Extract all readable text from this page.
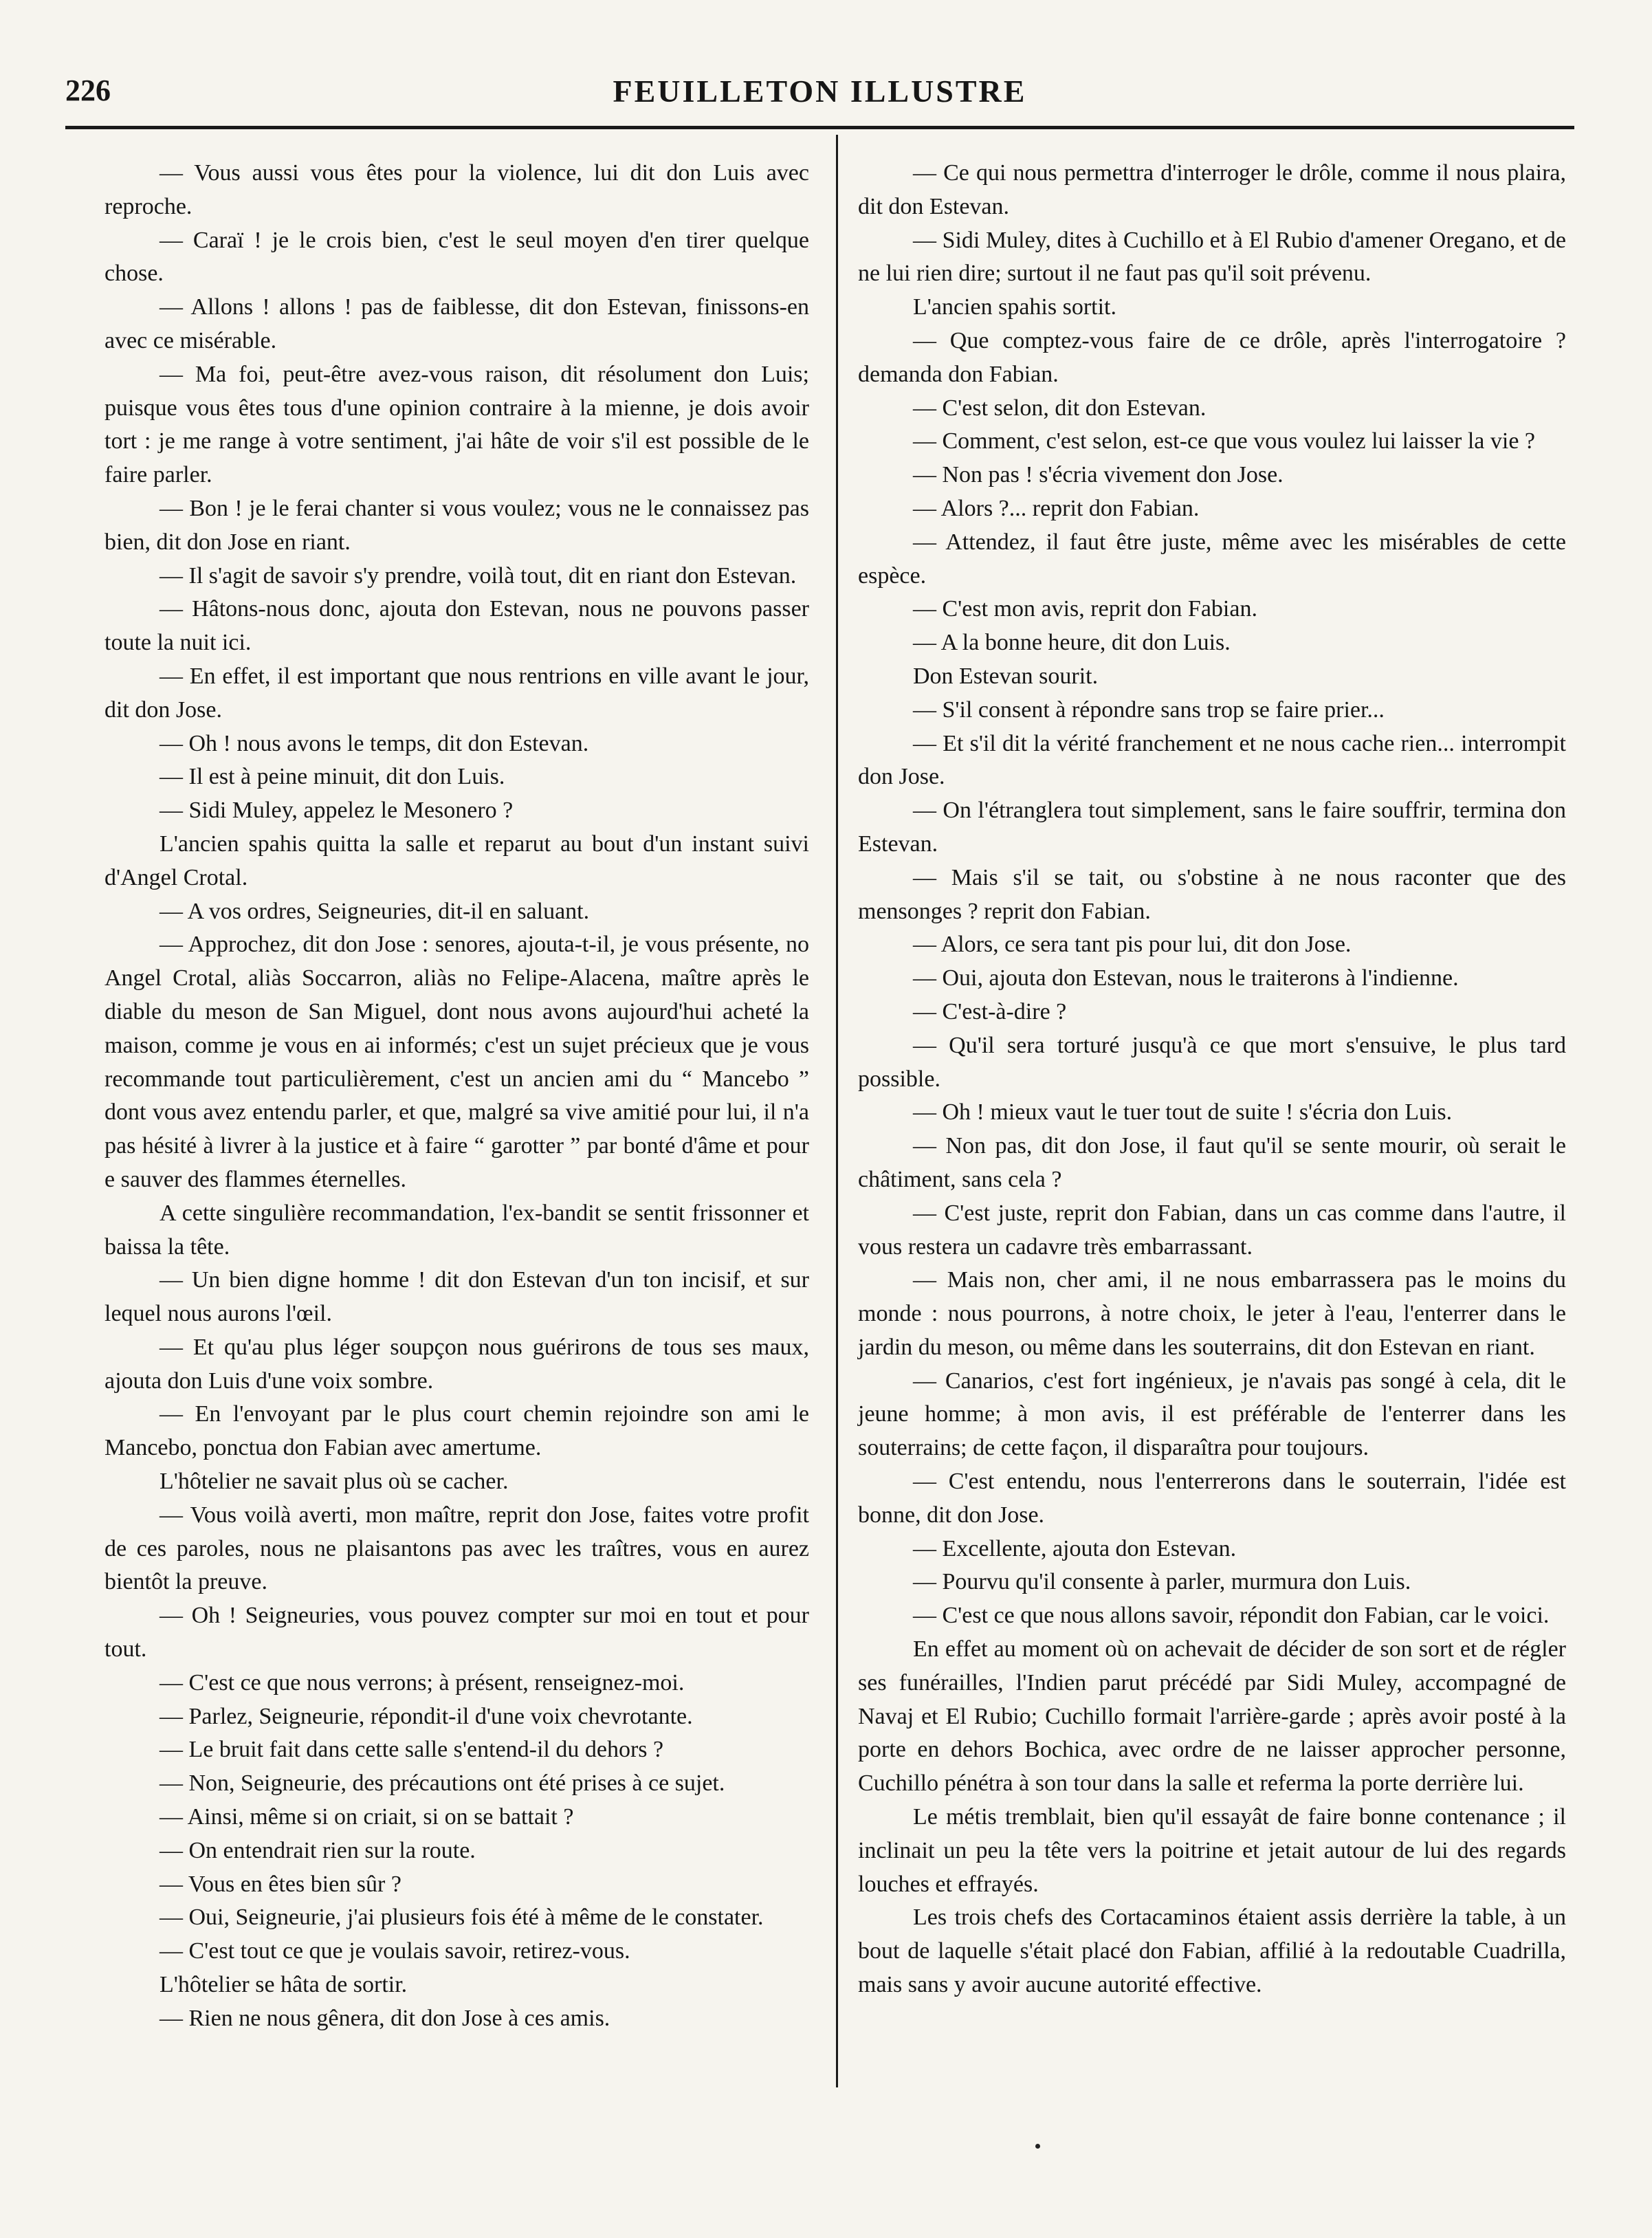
226	FEUILLETON ILLUSTRE

— Vous aussi vous êtes pour la violence, lui dit don Luis avec reproche.

— Caraï ! je le crois bien, c'est le seul moyen d'en tirer quelque chose.

— Allons ! allons ! pas de faiblesse, dit don Estevan, finissons-en avec ce misérable.

— Ma foi, peut-être avez-vous raison, dit résolument don Luis; puisque vous êtes tous d'une opinion contraire à la mienne, je dois avoir tort : je me range à votre sentiment, j'ai hâte de voir s'il est possible de le faire parler.

— Bon ! je le ferai chanter si vous voulez; vous ne le connaissez pas bien, dit don Jose en riant.

— Il s'agit de savoir s'y prendre, voilà tout, dit en riant don Estevan.

— Hâtons-nous donc, ajouta don Estevan, nous ne pouvons passer toute la nuit ici.

— En effet, il est important que nous rentrions en ville avant le jour, dit don Jose.

— Oh ! nous avons le temps, dit don Estevan.

— Il est à peine minuit, dit don Luis.

— Sidi Muley, appelez le Mesonero ?

L'ancien spahis quitta la salle et reparut au bout d'un instant suivi d'Angel Crotal.

— A vos ordres, Seigneuries, dit-il en saluant.

— Approchez, dit don Jose : senores, ajouta-t-il, je vous présente, no Angel Crotal, aliàs Soccarron, aliàs no Felipe-Alacena, maître après le diable du meson de San Miguel, dont nous avons aujourd'hui acheté la maison, comme je vous en ai informés; c'est un sujet précieux que je vous recommande tout particulièrement, c'est un ancien ami du “ Mancebo ” dont vous avez entendu parler, et que, malgré sa vive amitié pour lui, il n'a pas hésité à livrer à la justice et à faire “ garotter ” par bonté d'âme et pour e sauver des flammes éternelles.

A cette singulière recommandation, l'ex-bandit se sentit frissonner et baissa la tête.

— Un bien digne homme ! dit don Estevan d'un ton incisif, et sur lequel nous aurons l'œil.

— Et qu'au plus léger soupçon nous guérirons de tous ses maux, ajouta don Luis d'une voix sombre.

— En l'envoyant par le plus court chemin rejoindre son ami le Mancebo, ponctua don Fabian avec amertume.

L'hôtelier ne savait plus où se cacher.

— Vous voilà averti, mon maître, reprit don Jose, faites votre profit de ces paroles, nous ne plaisantons pas avec les traîtres, vous en aurez bientôt la preuve.

— Oh ! Seigneuries, vous pouvez compter sur moi en tout et pour tout.

— C'est ce que nous verrons; à présent, renseignez-moi.

— Parlez, Seigneurie, répondit-il d'une voix chevrotante.

— Le bruit fait dans cette salle s'entend-il du dehors ?

— Non, Seigneurie, des précautions ont été prises à ce sujet.

— Ainsi, même si on criait, si on se battait ?

— On entendrait rien sur la route.

— Vous en êtes bien sûr ?

— Oui, Seigneurie, j'ai plusieurs fois été à même de le constater.

— C'est tout ce que je voulais savoir, retirez-vous.

L'hôtelier se hâta de sortir.

— Rien ne nous gênera, dit don Jose à ces amis.

— Ce qui nous permettra d'interroger le drôle, comme il nous plaira, dit don Estevan.

— Sidi Muley, dites à Cuchillo et à El Rubio d'amener Oregano, et de ne lui rien dire; surtout il ne faut pas qu'il soit prévenu.

L'ancien spahis sortit.

— Que comptez-vous faire de ce drôle, après l'interrogatoire ? demanda don Fabian.

— C'est selon, dit don Estevan.

— Comment, c'est selon, est-ce que vous voulez lui laisser la vie ?

— Non pas ! s'écria vivement don Jose.

— Alors ?... reprit don Fabian.

— Attendez, il faut être juste, même avec les misérables de cette espèce.

— C'est mon avis, reprit don Fabian.

— A la bonne heure, dit don Luis.

Don Estevan sourit.

— S'il consent à répondre sans trop se faire prier...

— Et s'il dit la vérité franchement et ne nous cache rien... interrompit don Jose.

— On l'étranglera tout simplement, sans le faire souffrir, termina don Estevan.

— Mais s'il se tait, ou s'obstine à ne nous raconter que des mensonges ? reprit don Fabian.

— Alors, ce sera tant pis pour lui, dit don Jose.

— Oui, ajouta don Estevan, nous le traiterons à l'indienne.

— C'est-à-dire ?

— Qu'il sera torturé jusqu'à ce que mort s'ensuive, le plus tard possible.

— Oh ! mieux vaut le tuer tout de suite ! s'écria don Luis.

— Non pas, dit don Jose, il faut qu'il se sente mourir, où serait le châtiment, sans cela ?

— C'est juste, reprit don Fabian, dans un cas comme dans l'autre, il vous restera un cadavre très embarrassant.

— Mais non, cher ami, il ne nous embarrassera pas le moins du monde : nous pourrons, à notre choix, le jeter à l'eau, l'enterrer dans le jardin du meson, ou même dans les souterrains, dit don Estevan en riant.

— Canarios, c'est fort ingénieux, je n'avais pas songé à cela, dit le jeune homme; à mon avis, il est préférable de l'enterrer dans les souterrains; de cette façon, il disparaîtra pour toujours.

— C'est entendu, nous l'enterrerons dans le souterrain, l'idée est bonne, dit don Jose.

— Excellente, ajouta don Estevan.

— Pourvu qu'il consente à parler, murmura don Luis.

— C'est ce que nous allons savoir, répondit don Fabian, car le voici.

En effet au moment où on achevait de décider de son sort et de régler ses funérailles, l'Indien parut précédé par Sidi Muley, accompagné de Navaj et El Rubio; Cuchillo formait l'arrière-garde ; après avoir posté à la porte en dehors Bochica, avec ordre de ne laisser approcher personne, Cuchillo pénétra à son tour dans la salle et referma la porte derrière lui.

Le métis tremblait, bien qu'il essayât de faire bonne contenance ; il inclinait un peu la tête vers la poitrine et jetait autour de lui des regards louches et effrayés.

Les trois chefs des Cortacaminos étaient assis derrière la table, à un bout de laquelle s'était placé don Fabian, affilié à la redoutable Cuadrilla, mais sans y avoir aucune autorité effective.
